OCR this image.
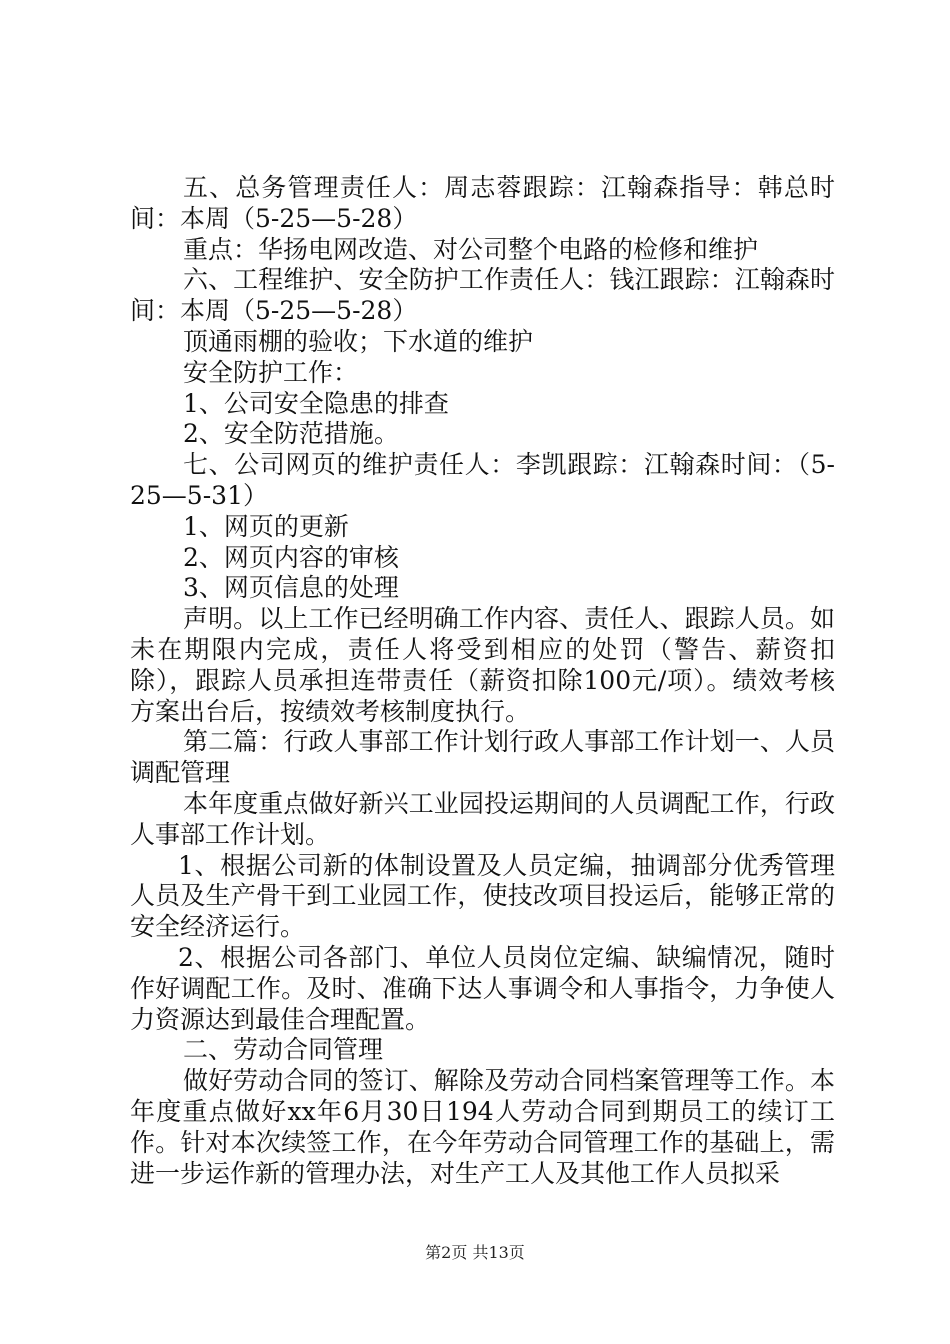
五、总务管理责任人：周志蓉跟踪：江翰森指导：韩总时间：本周（5-25—5-28）

重点：华扬电网改造、对公司整个电路的检修和维护

六、工程维护、安全防护工作责任人：钱江跟踪：江翰森时间：本周（5-25—5-28）

顶通雨棚的验收；下水道的维护

安全防护工作：

1、公司安全隐患的排查

2、安全防范措施。

七、公司网页的维护责任人：李凯跟踪：江翰森时间：（5-25—5-31）

1、网页的更新

2、网页内容的审核

3、网页信息的处理

声明。以上工作已经明确工作内容、责任人、跟踪人员。如未在期限内完成，责任人将受到相应的处罚（警告、薪资扣除），跟踪人员承担连带责任（薪资扣除100元/项）。绩效考核方案出台后，按绩效考核制度执行。

第二篇：行政人事部工作计划行政人事部工作计划一、人员调配管理

本年度重点做好新兴工业园投运期间的人员调配工作，行政人事部工作计划。

1、根据公司新的体制设置及人员定编，抽调部分优秀管理人员及生产骨干到工业园工作，使技改项目投运后，能够正常的安全经济运行。

2、根据公司各部门、单位人员岗位定编、缺编情况，随时作好调配工作。及时、准确下达人事调令和人事指令，力争使人力资源达到最佳合理配置。

二、劳动合同管理

做好劳动合同的签订、解除及劳动合同档案管理等工作。本年度重点做好xx年6月30日194人劳动合同到期员工的续订工作。针对本次续签工作，在今年劳动合同管理工作的基础上，需进一步运作新的管理办法，对生产工人及其他工作人员拟采

第2页 共13页
